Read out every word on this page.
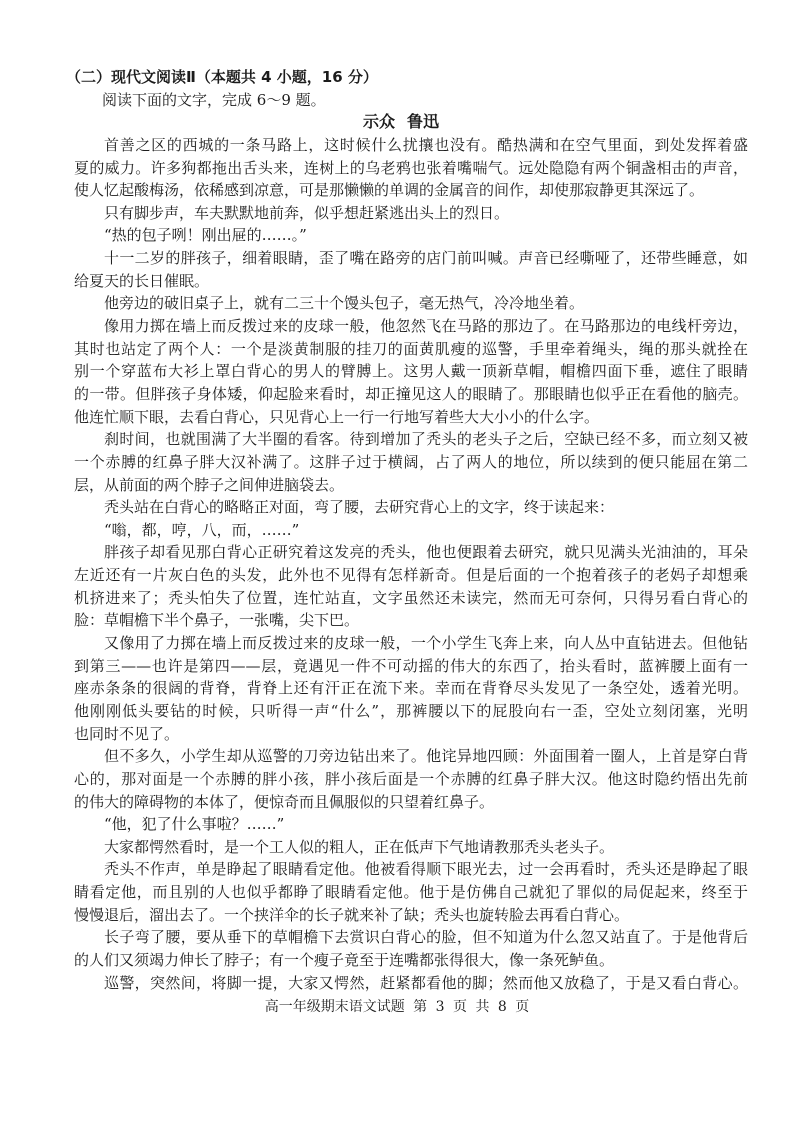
（二）现代文阅读Ⅱ（本题共 4 小题，16 分）
阅读下面的文字，完成 6～9 题。
示众 鲁迅
首善之区的西城的一条马路上，这时候什么扰攘也没有。酷热满和在空气里面，到处发挥着盛
夏的威力。许多狗都拖出舌头来，连树上的乌老鸦也张着嘴喘气。远处隐隐有两个铜盏相击的声音，
使人忆起酸梅汤，依稀感到凉意，可是那懒懒的单调的金属音的间作，却使那寂静更其深远了。
只有脚步声，车夫默默地前奔，似乎想赶紧逃出头上的烈日。
“热的包子咧！刚出屉的……。”
十一二岁的胖孩子，细着眼睛，歪了嘴在路旁的店门前叫喊。声音已经嘶哑了，还带些睡意，如
给夏天的长日催眠。
他旁边的破旧桌子上，就有二三十个馒头包子，毫无热气，冷冷地坐着。
像用力掷在墙上而反拨过来的皮球一般，他忽然飞在马路的那边了。在马路那边的电线杆旁边，
其时也站定了两个人：一个是淡黄制服的挂刀的面黄肌瘦的巡警，手里牵着绳头，绳的那头就拴在
别一个穿蓝布大衫上罩白背心的男人的臂膊上。这男人戴一顶新草帽，帽檐四面下垂，遮住了眼睛
的一带。但胖孩子身体矮，仰起脸来看时，却正撞见这人的眼睛了。那眼睛也似乎正在看他的脑壳。
他连忙顺下眼，去看白背心，只见背心上一行一行地写着些大大小小的什么字。
刹时间，也就围满了大半圈的看客。待到增加了秃头的老头子之后，空缺已经不多，而立刻又被
一个赤膊的红鼻子胖大汉补满了。这胖子过于横阔，占了两人的地位，所以续到的便只能屈在第二
层，从前面的两个脖子之间伸进脑袋去。
秃头站在白背心的略略正对面，弯了腰，去研究背心上的文字，终于读起来：
“嗡，都，哼，八，而，……”
胖孩子却看见那白背心正研究着这发亮的秃头，他也便跟着去研究，就只见满头光油油的，耳朵
左近还有一片灰白色的头发，此外也不见得有怎样新奇。但是后面的一个抱着孩子的老妈子却想乘
机挤进来了；秃头怕失了位置，连忙站直，文字虽然还未读完，然而无可奈何，只得另看白背心的
脸：草帽檐下半个鼻子，一张嘴，尖下巴。
又像用了力掷在墙上而反拨过来的皮球一般，一个小学生飞奔上来，向人丛中直钻进去。但他钻
到第三——也许是第四——层，竟遇见一件不可动摇的伟大的东西了，抬头看时，蓝裤腰上面有一
座赤条条的很阔的背脊，背脊上还有汗正在流下来。幸而在背脊尽头发见了一条空处，透着光明。
他刚刚低头要钻的时候，只听得一声“什么”，那裤腰以下的屁股向右一歪，空处立刻闭塞，光明
也同时不见了。
但不多久，小学生却从巡警的刀旁边钻出来了。他诧异地四顾：外面围着一圈人，上首是穿白背
心的，那对面是一个赤膊的胖小孩，胖小孩后面是一个赤膊的红鼻子胖大汉。他这时隐约悟出先前
的伟大的障碍物的本体了，便惊奇而且佩服似的只望着红鼻子。
“他，犯了什么事啦？……”
大家都愕然看时，是一个工人似的粗人，正在低声下气地请教那秃头老头子。
秃头不作声，单是睁起了眼睛看定他。他被看得顺下眼光去，过一会再看时，秃头还是睁起了眼
睛看定他，而且别的人也似乎都睁了眼睛看定他。他于是仿佛自己就犯了罪似的局促起来，终至于
慢慢退后，溜出去了。一个挟洋伞的长子就来补了缺；秃头也旋转脸去再看白背心。
长子弯了腰，要从垂下的草帽檐下去赏识白背心的脸，但不知道为什么忽又站直了。于是他背后
的人们又须竭力伸长了脖子；有一个瘦子竟至于连嘴都张得很大，像一条死鲈鱼。
巡警，突然间，将脚一提，大家又愕然，赶紧都看他的脚；然而他又放稳了，于是又看白背心。
高一年级期末语文试题 第 3 页 共 8 页
